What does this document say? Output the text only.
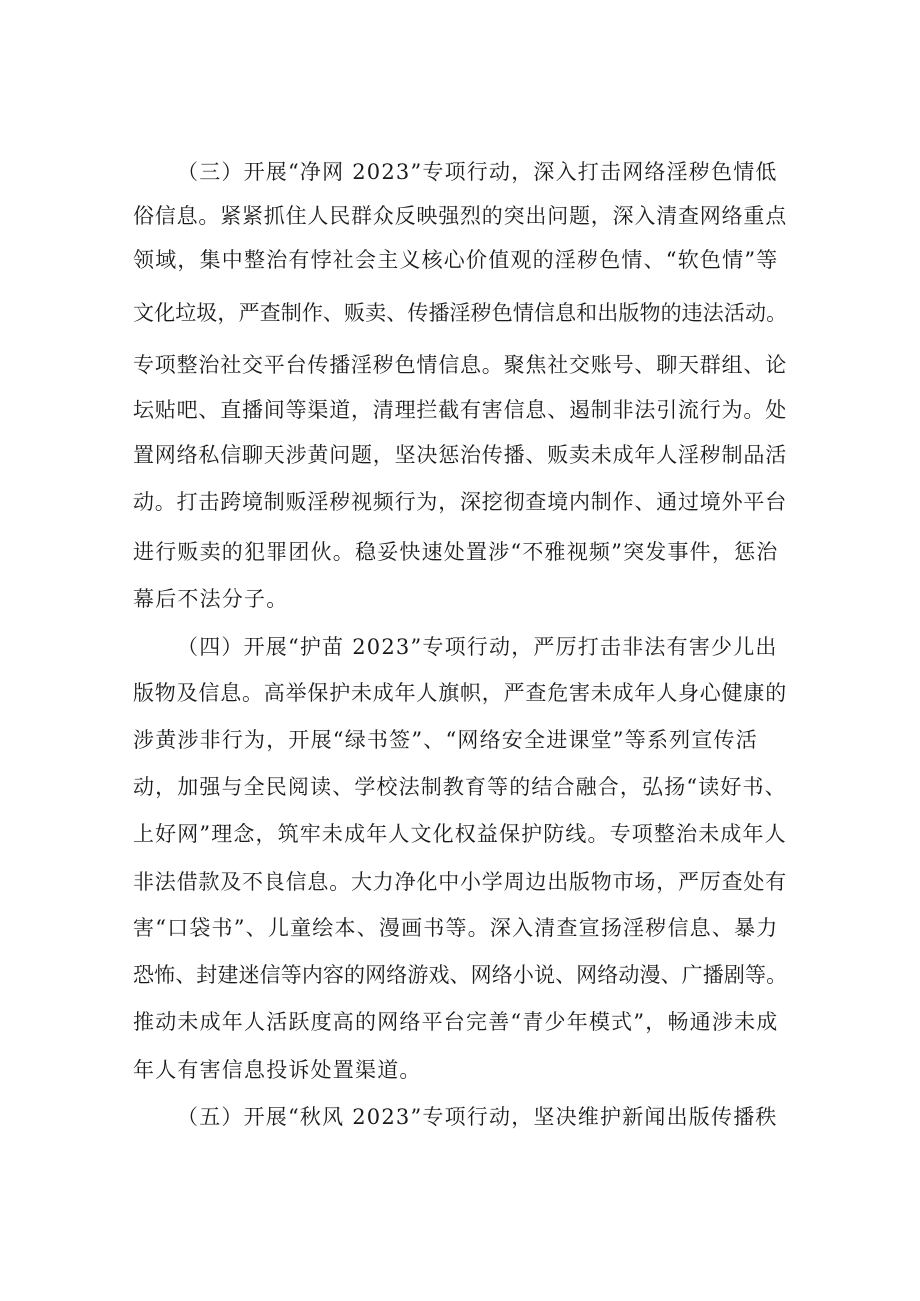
（三）开展“净网 2023”专项行动，深入打击网络淫秽色情低
俗信息。紧紧抓住人民群众反映强烈的突出问题，深入清查网络重点
领域，集中整治有悖社会主义核心价值观的淫秽色情、“软色情”等
文化垃圾，严查制作、贩卖、传播淫秽色情信息和出版物的违法活动。
专项整治社交平台传播淫秽色情信息。聚焦社交账号、聊天群组、论
坛贴吧、直播间等渠道，清理拦截有害信息、遏制非法引流行为。处
置网络私信聊天涉黄问题，坚决惩治传播、贩卖未成年人淫秽制品活
动。打击跨境制贩淫秽视频行为，深挖彻查境内制作、通过境外平台
进行贩卖的犯罪团伙。稳妥快速处置涉“不雅视频”突发事件，惩治
幕后不法分子。
（四）开展“护苗 2023”专项行动，严厉打击非法有害少儿出
版物及信息。高举保护未成年人旗帜，严查危害未成年人身心健康的
涉黄涉非行为，开展“绿书签”、“网络安全进课堂”等系列宣传活
动，加强与全民阅读、学校法制教育等的结合融合，弘扬“读好书、
上好网”理念，筑牢未成年人文化权益保护防线。专项整治未成年人
非法借款及不良信息。大力净化中小学周边出版物市场，严厉查处有
害“口袋书”、儿童绘本、漫画书等。深入清查宣扬淫秽信息、暴力
恐怖、封建迷信等内容的网络游戏、网络小说、网络动漫、广播剧等。
推动未成年人活跃度高的网络平台完善“青少年模式”，畅通涉未成
年人有害信息投诉处置渠道。
（五）开展“秋风 2023”专项行动，坚决维护新闻出版传播秩
